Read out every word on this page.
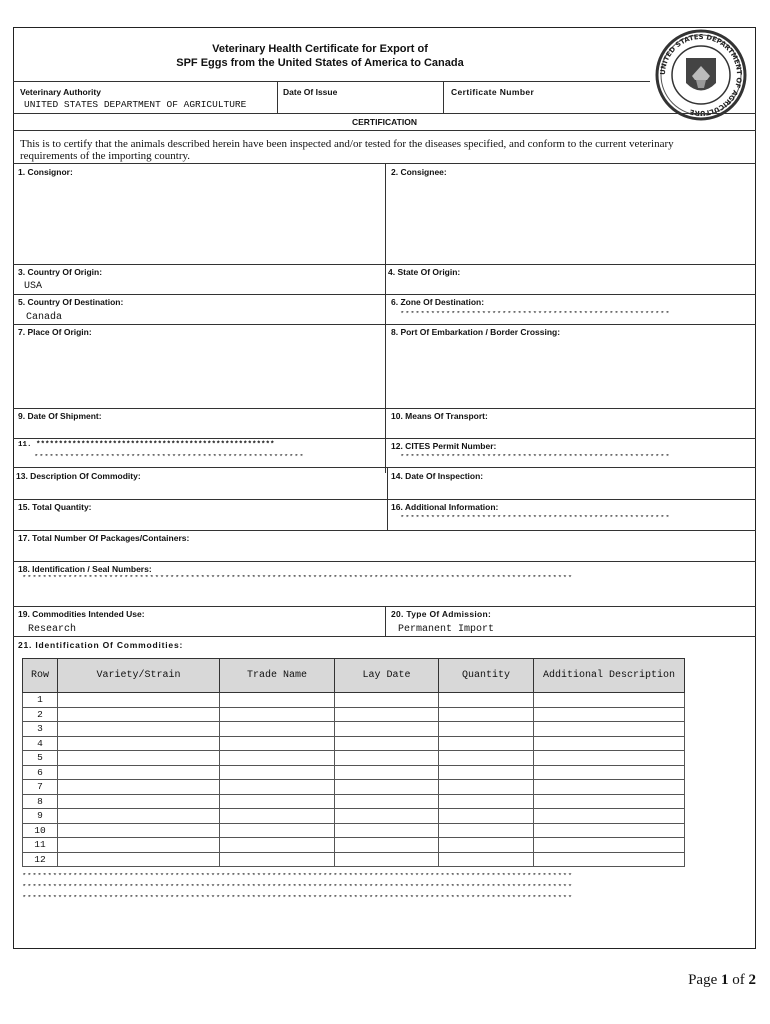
Veterinary Health Certificate for Export of
SPF Eggs from the United States of America to Canada
UNITED STATES DEPARTMENT OF AGRICULTURE
Veterinary Authority
UNITED STATES DEPARTMENT OF AGRICULTURE
Date Of Issue	Certificate Number
CERTIFICATION
This is to certify that the animals described herein have been inspected and/or tested for the diseases specified, and conform to the current veterinary
requirements of the importing country.
1. Consignor:	2. Consignee:
3. Country Of Origin:
USA
4. State Of Origin:
5. Country Of Destination:
Canada
6. Zone Of Destination:
*****************************************************
7. Place Of Origin:	8. Port Of Embarkation / Border Crossing:
9. Date Of Shipment:	10. Means Of Transport:
11. *****************************************************
*****************************************************
12. CITES Permit Number:
*****************************************************
13. Description Of Commodity:	14. Date Of Inspection:
15. Total Quantity:	16. Additional Information:
*****************************************************
17. Total Number Of Packages/Containers:
18. Identification / Seal Numbers:
************************************************************************************************************
19. Commodities Intended Use:
Research
20. Type Of Admission:
Permanent Import
21. Identification Of Commodities:
Row	Variety/Strain	Trade Name	Lay Date	Quantity	Additional Description
1					
2					
3					
4					
5					
6					
7					
8					
9					
10					
11					
12					
************************************************************************************************************
************************************************************************************************************
************************************************************************************************************
Page 1 of 2
